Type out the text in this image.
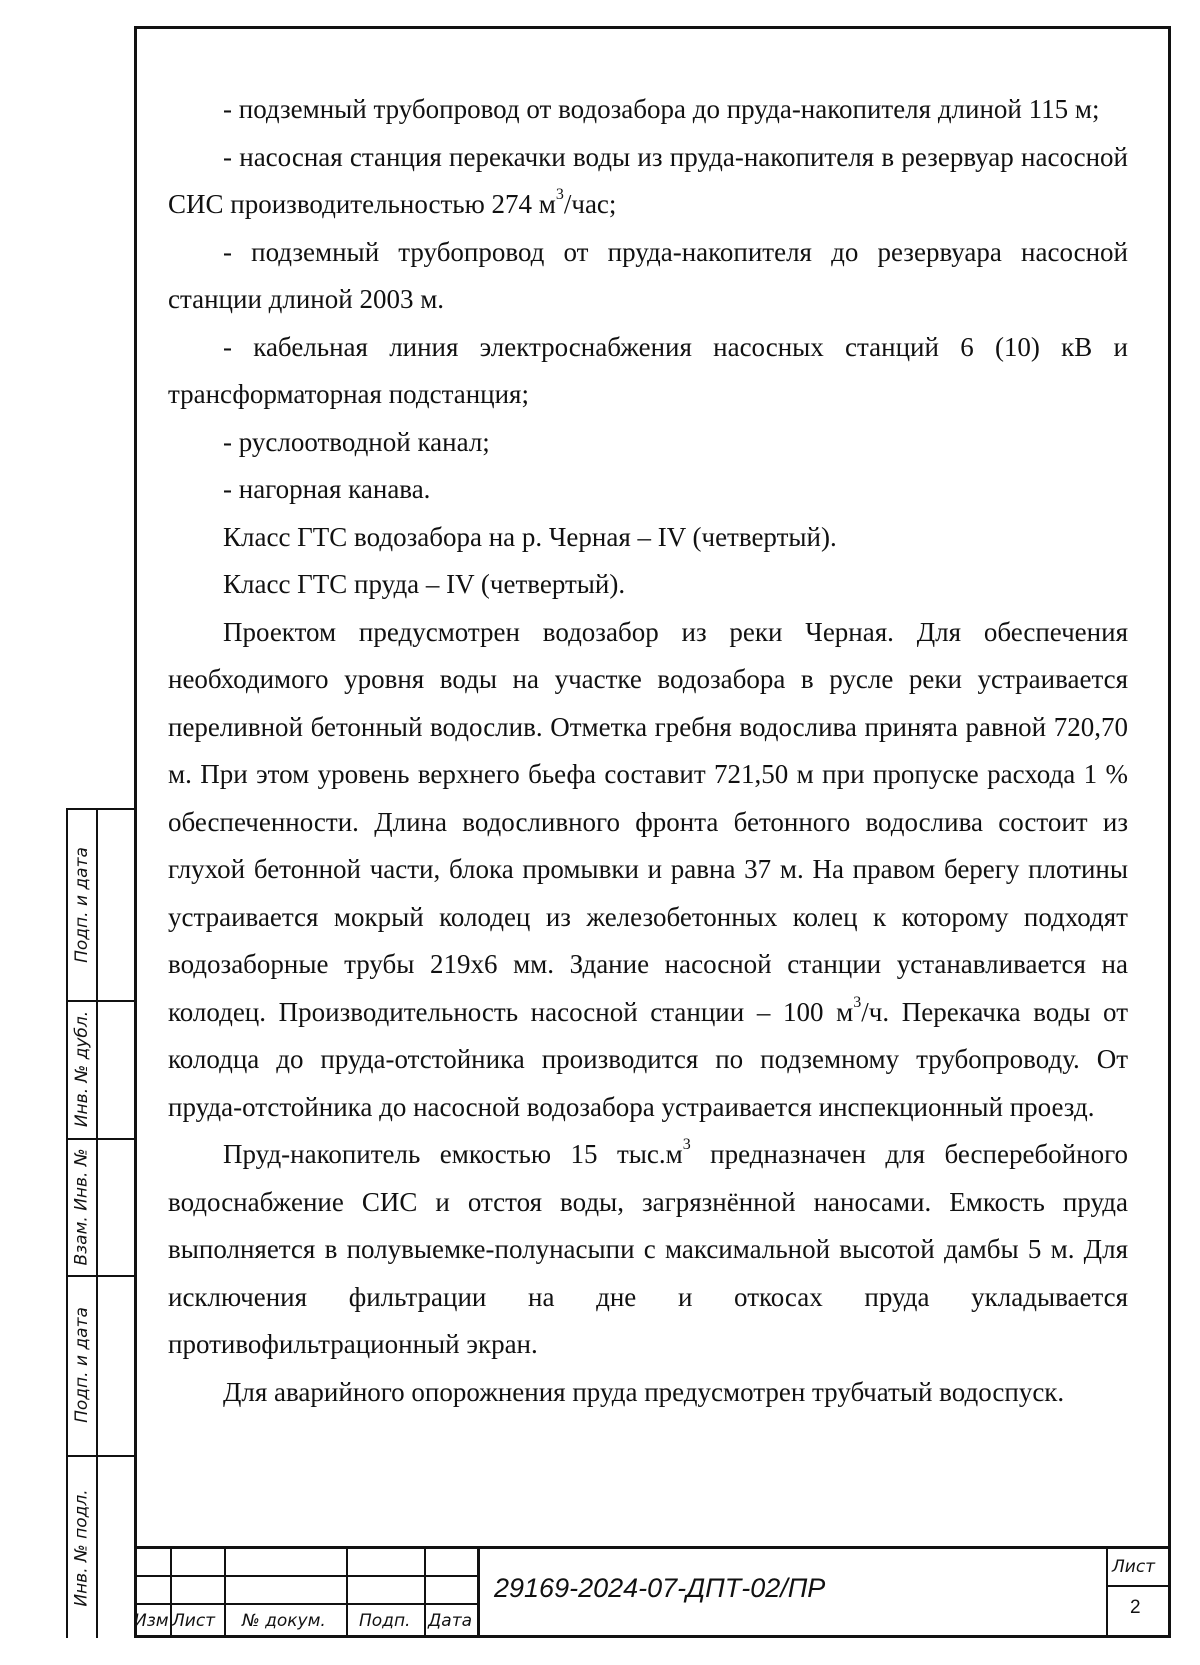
- подземный трубопровод от водозабора до пруда-накопителя длиной 115 м;

- насосная станция перекачки воды из пруда-накопителя в резервуар насосной СИС производительностью 274 $м^3$/час;

- подземный трубопровод от пруда-накопителя до резервуара насосной станции длиной 2003 м.

- кабельная линия электроснабжения насосных станций 6 (10) кВ и трансформаторная подстанция;

- руслоотводной канал;

- нагорная канава.

Класс ГТС водозабора на р. Черная – IV (четвертый).

Класс ГТС пруда – IV (четвертый).

Проектом предусмотрен водозабор из реки Черная. Для обеспечения необходимого уровня воды на участке водозабора в русле реки устраивается переливной бетонный водослив. Отметка гребня водослива принята равной 720,70 м. При этом уровень верхнего бьефа составит 721,50 м при пропуске расхода 1 % обеспеченности. Длина водосливного фронта бетонного водослива состоит из глухой бетонной части, блока промывки и равна 37 м. На правом берегу плотины устраивается мокрый колодец из железобетонных колец к которому подходят водозаборные трубы 219х6 мм. Здание насосной станции устанавливается на колодец. Производительность насосной станции – 100 $м^3/ч$. Перекачка воды от колодца до пруда-отстойника производится по подземному трубопроводу. От пруда-отстойника до насосной водозабора устраивается инспекционный проезд.

Пруд-накопитель емкостью 15 $тыс.м^3$ предназначен для бесперебойного водоснабжение СИС и отстоя воды, загрязнённой наносами. Емкость пруда выполняется в полувыемке-полунасыпи с максимальной высотой дамбы 5 м. Для исключения фильтрации на дне и откосах пруда укладывается противофильтрационный экран.

Для аварийного опорожнения пруда предусмотрен трубчатый водоспуск.

Подп. и дата
Инв. № дубл.
Взам. Инв. №
Подп. и дата
Инв. № подл.
Изм Лист № докум. Подп. Дата
29169-2024-07-ДПТ-02/ПР
Лист
2
